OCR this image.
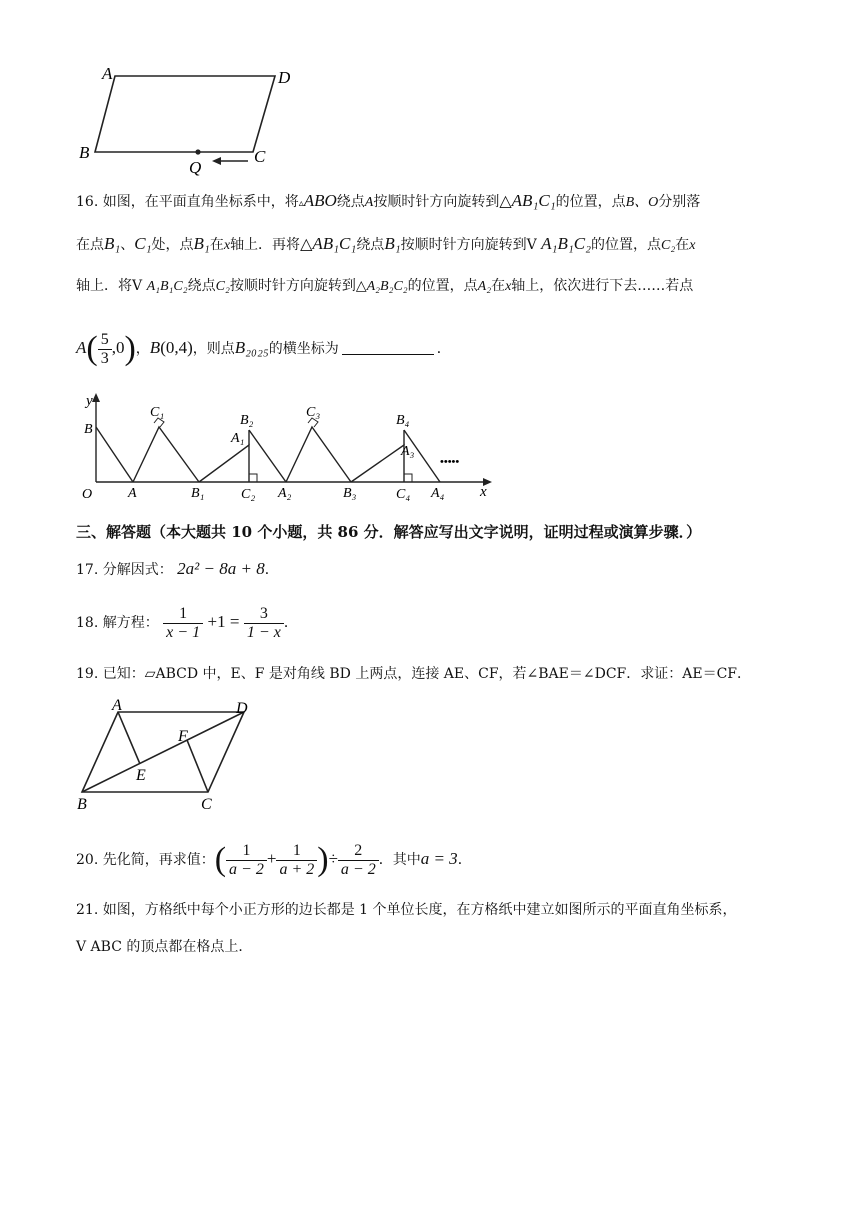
A	D
B	C
Q
16. 如图，在平面直角坐标系中，将▵ABO绕点A按顺时针方向旋转到△AB₁C₁的位置，点B、O分别落
在点B₁、C₁处，点B₁在x轴上．再将△AB₁C₁绕点B₁按顺时针方向旋转到V A₁B₁C₂的位置，点C₂在x
轴上．将V A₁B₁C₂绕点C₂按顺时针方向旋转到△A₂B₂C₂的位置，点A₂在x轴上，依次进行下去……若点
$A( \frac{5}{3} ,0)$，B(0,4)，则点B₂₀₂₅的横坐标为	．
y
x
O
B
A
C₁
B₁
B₂
A₁
C₂ A₂
C₃
B₃
B₄
A₃
C₄ A₄
•••••
三、解答题（本大题共 10 个小题，共 86 分．解答应写出文字说明，证明过程或演算步骤．）
17. 分解因式： 2a² − 8a + 8．
18. 解方程： $\frac{1}{x - 1} +1 = \frac{3}{1 - x}$ ．
19. 已知：▱ABCD 中，E、F 是对角线 BD 上两点，连接 AE、CF，若∠BAE＝∠DCF．求证：AE＝CF．
A	D
F
E
B	C
20. 先化简，再求值：( $\frac{1}{a - 2} + \frac{1}{a + 2}$ )÷ $\frac{2}{a - 2}$ ．其中a = 3．
21. 如图，方格纸中每个小正方形的边长都是 1 个单位长度，在方格纸中建立如图所示的平面直角坐标系，
V ABC 的顶点都在格点上．
